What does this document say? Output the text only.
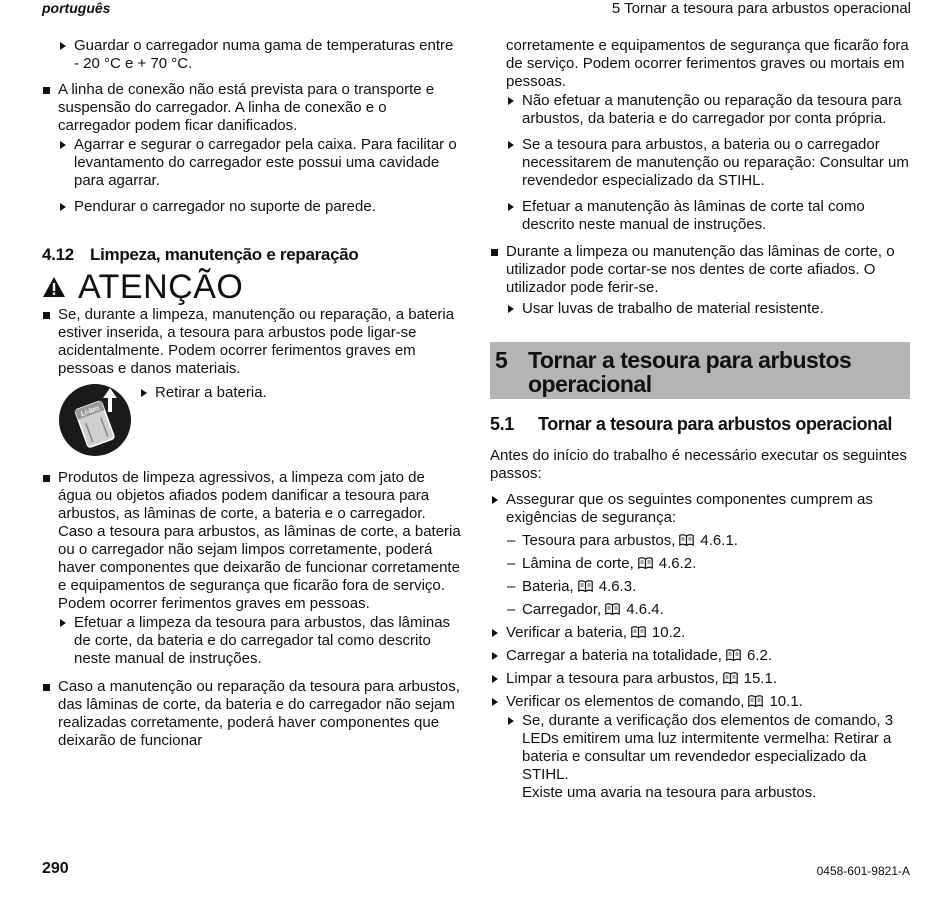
português	5 Tornar a tesoura para arbustos operacional
Guardar o carregador numa gama de temperaturas entre - 20 °C e + 70 °C.
A linha de conexão não está prevista para o transporte e suspensão do carregador. A linha de conexão e o carregador podem ficar danificados.
Agarrar e segurar o carregador pela caixa. Para facilitar o levantamento do carregador este possui uma cavidade para agarrar.
Pendurar o carregador no suporte de parede.
4.12 Limpeza, manutenção e reparação
ATENÇÃO
Se, durante a limpeza, manutenção ou reparação, a bateria estiver inserida, a tesoura para arbustos pode ligar-se acidentalmente. Podem ocorrer ferimentos graves em pessoas e danos materiais.
Li-Ion
Retirar a bateria.
Produtos de limpeza agressivos, a limpeza com jato de água ou objetos afiados podem danificar a tesoura para arbustos, as lâminas de corte, a bateria e o carregador. Caso a tesoura para arbustos, as lâminas de corte, a bateria ou o carregador não sejam limpos corretamente, poderá haver componentes que deixarão de funcionar corretamente e equipamentos de segurança que ficarão fora de serviço. Podem ocorrer ferimentos graves em pessoas.
Efetuar a limpeza da tesoura para arbustos, das lâminas de corte, da bateria e do carregador tal como descrito neste manual de instruções.
Caso a manutenção ou reparação da tesoura para arbustos, das lâminas de corte, da bateria e do carregador não sejam realizadas corretamente, poderá haver componentes que deixarão de funcionar
corretamente e equipamentos de segurança que ficarão fora de serviço. Podem ocorrer ferimentos graves ou mortais em pessoas.
Não efetuar a manutenção ou reparação da tesoura para arbustos, da bateria e do carregador por conta própria.
Se a tesoura para arbustos, a bateria ou o carregador necessitarem de manutenção ou reparação: Consultar um revendedor especializado da STIHL.
Efetuar a manutenção às lâminas de corte tal como descrito neste manual de instruções.
Durante a limpeza ou manutenção das lâminas de corte, o utilizador pode cortar-se nos dentes de corte afiados. O utilizador pode ferir-se.
Usar luvas de trabalho de material resistente.
5 Tornar a tesoura para arbustos operacional
5.1	Tornar a tesoura para arbustos operacional
Antes do início do trabalho é necessário executar os seguintes passos:
Assegurar que os seguintes componentes cumprem as exigências de segurança:
– Tesoura para arbustos, 4.6.1.
– Lâmina de corte, 4.6.2.
– Bateria, 4.6.3.
– Carregador, 4.6.4.
Verificar a bateria, 10.2.
Carregar a bateria na totalidade, 6.2.
Limpar a tesoura para arbustos, 15.1.
Verificar os elementos de comando, 10.1.
Se, durante a verificação dos elementos de comando, 3 LEDs emitirem uma luz intermitente vermelha: Retirar a bateria e consultar um revendedor especializado da STIHL.
Existe uma avaria na tesoura para arbustos.
290	0458-601-9821-A
